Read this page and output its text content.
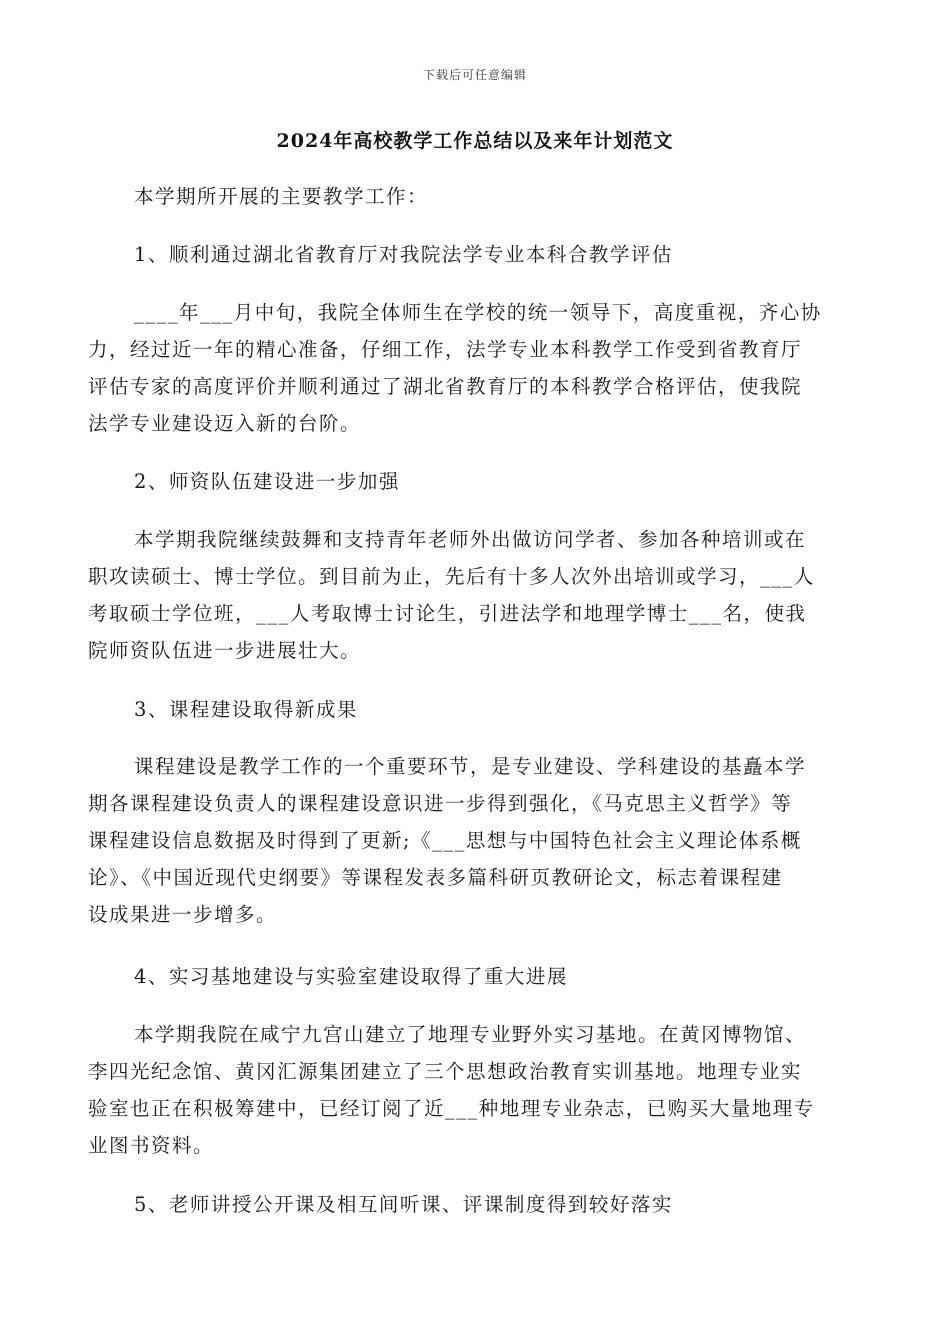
下载后可任意编辑
2024年高校教学工作总结以及来年计划范文
本学期所开展的主要教学工作：
1、顺利通过湖北省教育厅对我院法学专业本科合教学评估
____年___月中旬，我院全体师生在学校的统一领导下，高度重视，齐心协
力，经过近一年的精心准备，仔细工作，法学专业本科教学工作受到省教育厅
评估专家的高度评价并顺利通过了湖北省教育厅的本科教学合格评估，使我院
法学专业建设迈入新的台阶。
2、师资队伍建设进一步加强
本学期我院继续鼓舞和支持青年老师外出做访问学者、参加各种培训或在
职攻读硕士、博士学位。到目前为止，先后有十多人次外出培训或学习，___人
考取硕士学位班，___人考取博士讨论生，引进法学和地理学博士___名，使我
院师资队伍进一步进展壮大。
3、课程建设取得新成果
课程建设是教学工作的一个重要环节，是专业建设、学科建设的基矗本学
期各课程建设负责人的课程建设意识进一步得到强化，《马克思主义哲学》等
课程建设信息数据及时得到了更新;《___思想与中国特色社会主义理论体系概
论》、《中国近现代史纲要》等课程发表多篇科研页教研论文，标志着课程建
设成果进一步增多。
4、实习基地建设与实验室建设取得了重大进展
本学期我院在咸宁九宫山建立了地理专业野外实习基地。在黄冈博物馆、
李四光纪念馆、黄冈汇源集团建立了三个思想政治教育实训基地。地理专业实
验室也正在积极筹建中，已经订阅了近___种地理专业杂志，已购买大量地理专
业图书资料。
5、老师讲授公开课及相互间听课、评课制度得到较好落实
